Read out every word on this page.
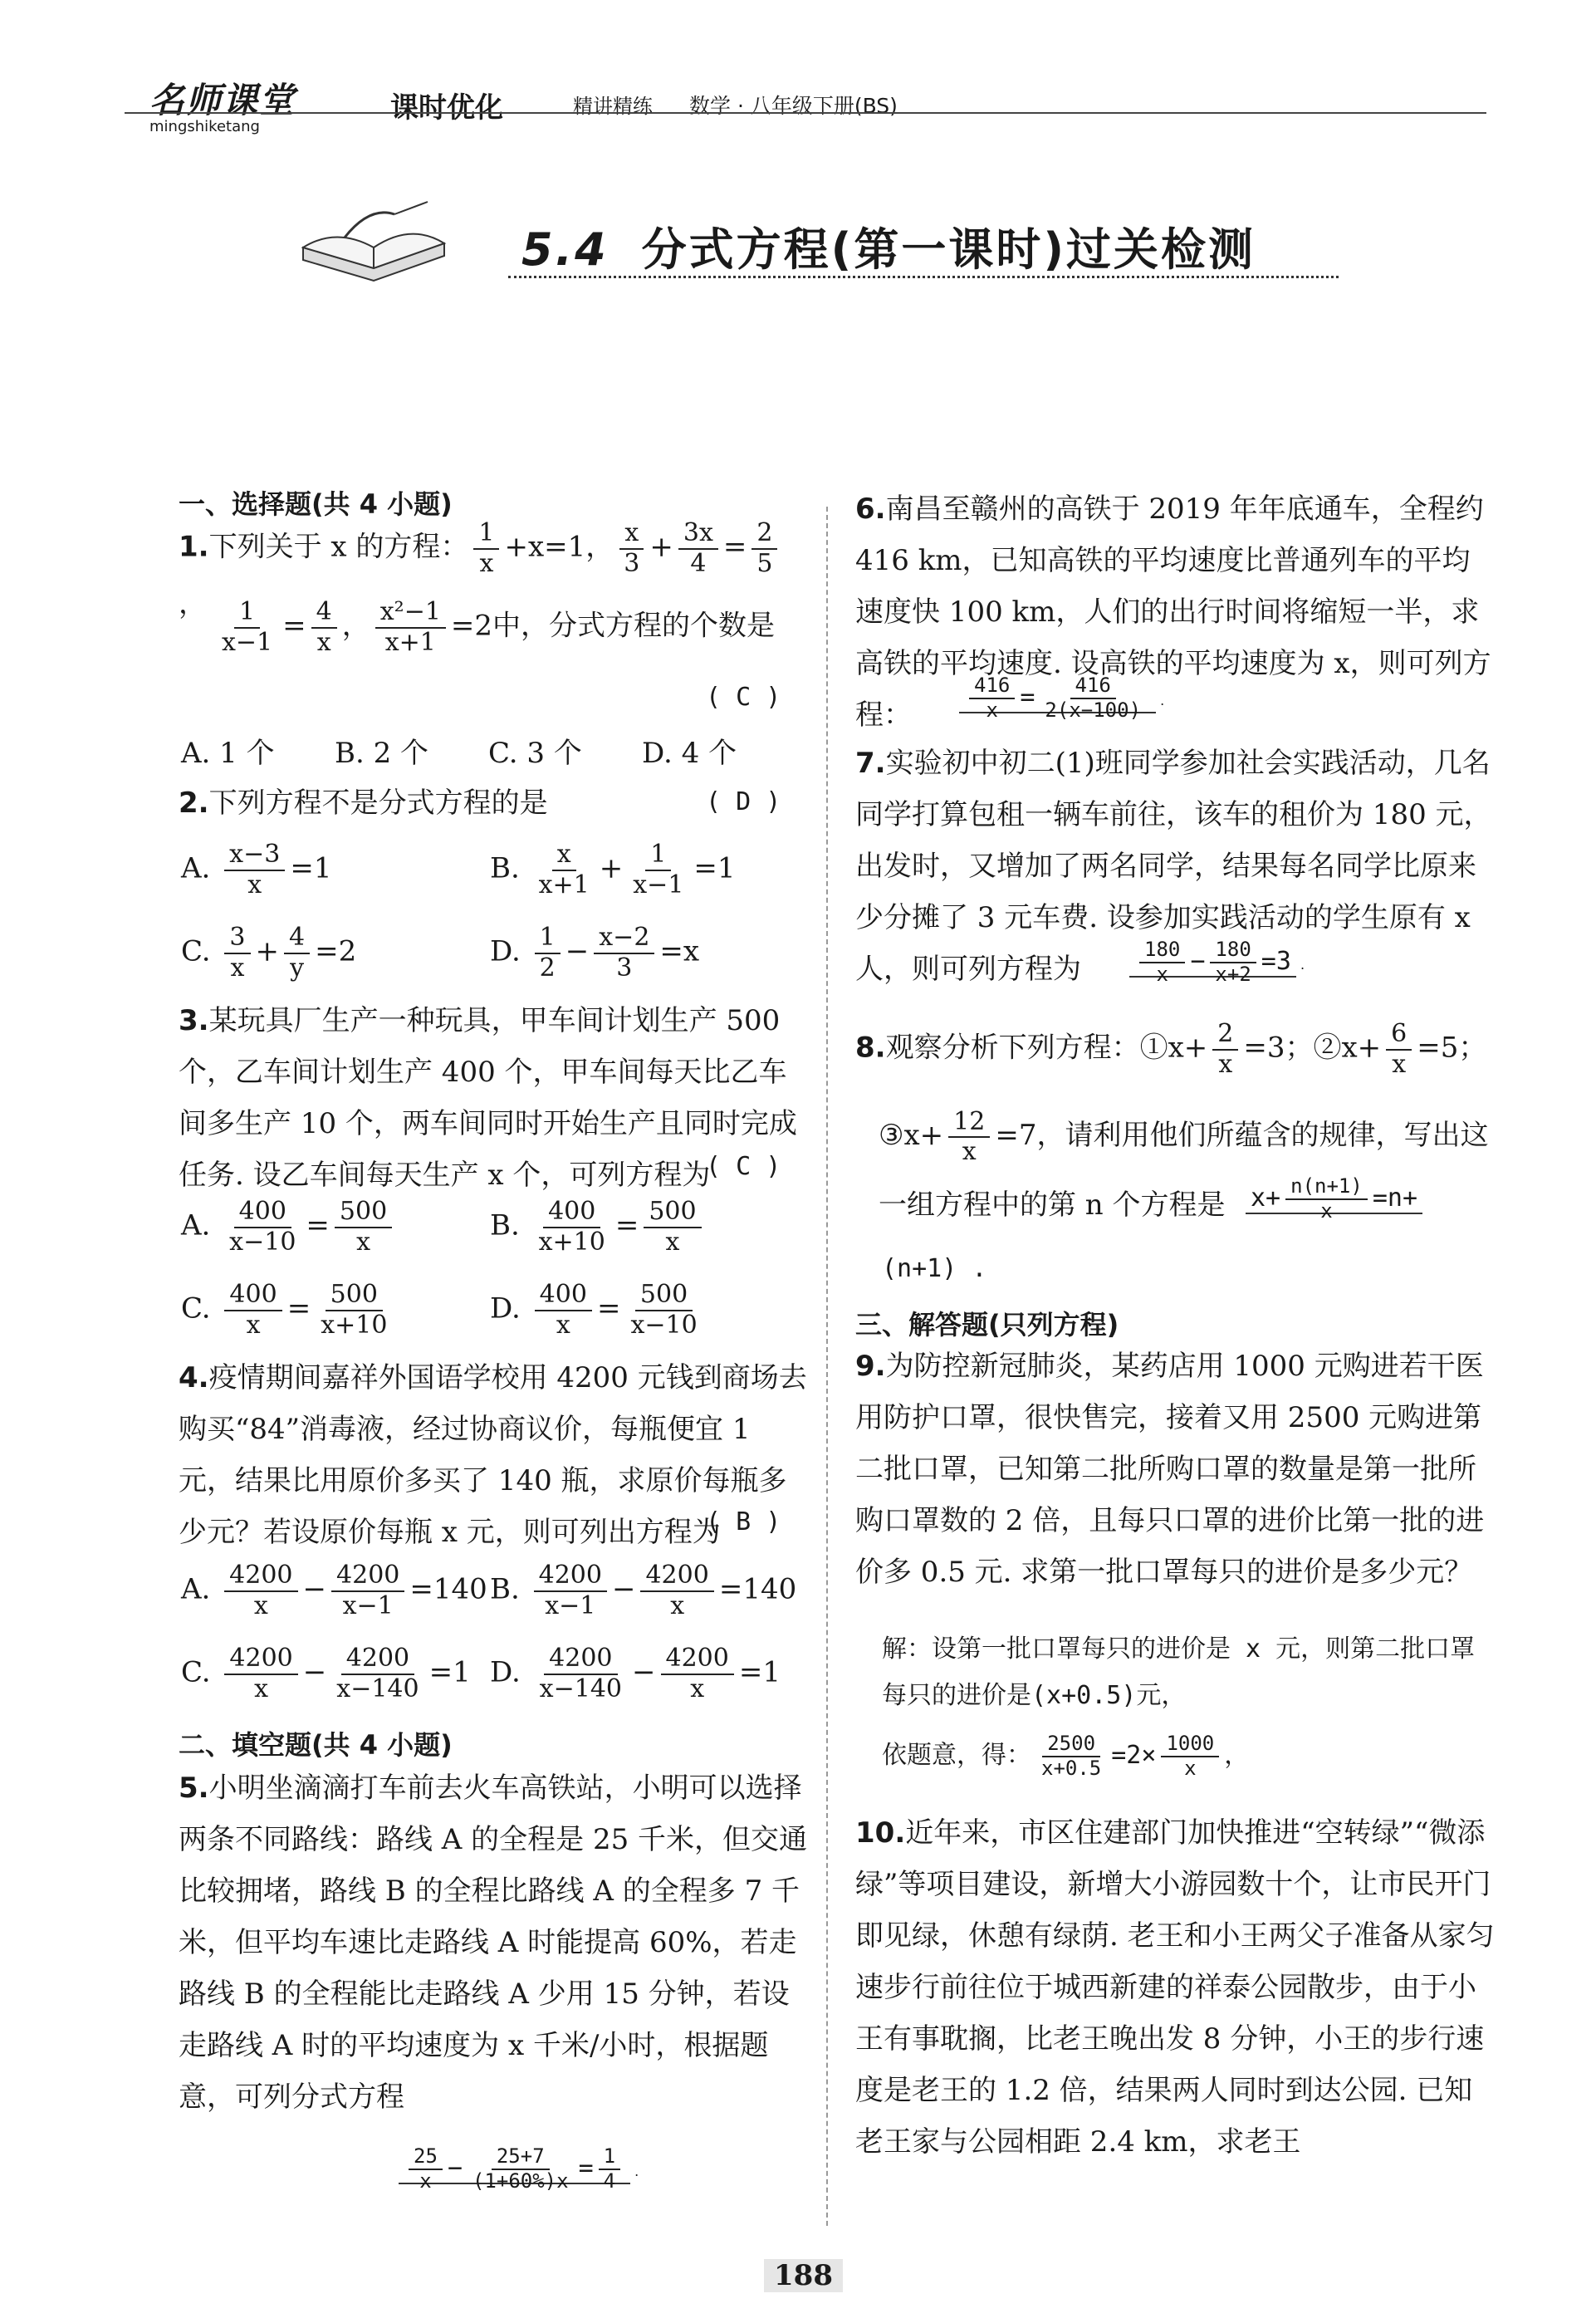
名师课堂
mingshiketang
课时优化	精讲精练 数学 · 八年级下册(BS)
5.4 分式方程(第一课时)过关检测
一、选择题(共 4 小题)
1.下列关于 x 的方程： $\frac{1}{x} +x=1$， $\frac{x}{3} + \frac{3x}{4} = \frac{2}{5}$
， $\frac{1}{x-1} = \frac{4}{x}$ ， $\frac{\text{x²−1}}{x+1} =2$中，分式方程的个数是
( C )
A. 1 个 B. 2 个 C. 3 个 D. 4 个
2.下列方程不是分式方程的是	( D )
A. $\frac{x-3}{x} =1$	B. $\frac{x}{x+1} + \frac{1}{x-1} =1$
C. $\frac{3}{x} + \frac{4}{y} =2$	D. $\frac{1}{2} - \frac{x-2}{3} =x$
3.某玩具厂生产一种玩具，甲车间计划生产 500 个，乙车间计划生产 400 个，甲车间每天比乙车间多生产 10 个，两车间同时开始生产且同时完成任务. 设乙车间每天生产 x 个，可列方程为
( C )
A. $\frac{400}{x-10} = \frac{500}{x}$	B. $\frac{400}{x+10} = \frac{500}{x}$
C. $\frac{400}{x} = \frac{500}{x+10}$	D. $\frac{400}{x} = \frac{500}{x-10}$
4.疫情期间嘉祥外国语学校用 4200 元钱到商场去购买“84”消毒液，经过协商议价，每瓶便宜 1 元，结果比用原价多买了 140 瓶，求原价每瓶多少元？若设原价每瓶 x 元，则可列出方程为
( B )
A. $\frac{4200}{x} - \frac{4200}{x-1} =140$ B. $\frac{4200}{x-1} - \frac{4200}{x} =140$
C. $\frac{4200}{x} - \frac{4200}{x-140} =1$ D. $\frac{4200}{x-140} - \frac{4200}{x} =1$
二、填空题(共 4 小题)
5.小明坐滴滴打车前去火车高铁站，小明可以选择两条不同路线：路线 A 的全程是 25 千米，但交通比较拥堵，路线 B 的全程比路线 A 的全程多 7 千米，但平均车速比走路线 A 时能提高 60%，若走路线 B 的全程能比走路线 A 少用 15 分钟，若设走路线 A 时的平均速度为 x 千米/小时，根据题意，可列分式方程
$\frac{25}{x} - \frac{25+7}{(1+60\%)x} = \frac{1}{4}$ .
6.南昌至赣州的高铁于 2019 年年底通车，全程约 416 km，已知高铁的平均速度比普通列车的平均速度快 100 km，人们的出行时间将缩短一半，求高铁的平均速度. 设高铁的平均速度为 x，则可列方程：	$\frac{416}{x} = \frac{416}{2(x-100)}$ .
7.实验初中初二(1)班同学参加社会实践活动，几名同学打算包租一辆车前往，该车的租价为 180 元，出发时，又增加了两名同学，结果每名同学比原来少分摊了 3 元车费. 设参加实践活动的学生原有 x 人，则可列方程为	$\frac{180}{x} - \frac{180}{x+2} =3$ .
8.观察分析下列方程：①x+ $\frac{2}{x} =3$；②x+ $\frac{6}{x} =5$；
③x+ $\frac{12}{x} =7$，请利用他们所蕴含的规律，写出这一组方程中的第 n 个方程是	$x+ \frac{n(n+1)}{x} =n+$
(n+1) .
三、解答题(只列方程)
9.为防控新冠肺炎，某药店用 1000 元购进若干医用防护口罩，很快售完，接着又用 2500 元购进第二批口罩，已知第二批所购口罩的数量是第一批所购口罩数的 2 倍，且每只口罩的进价比第一批的进价多 0.5 元. 求第一批口罩每只的进价是多少元？
解：设第一批口罩每只的进价是 x 元，则第二批口罩每只的进价是(x+0.5)元，
依题意，得： $\frac{2500}{x+0.5} =2\times \frac{1000}{x}$ ，
10.近年来，市区住建部门加快推进“空转绿”“微添绿”等项目建设，新增大小游园数十个，让市民开门即见绿，休憩有绿荫. 老王和小王两父子准备从家匀速步行前往位于城西新建的祥泰公园散步，由于小王有事耽搁，比老王晚出发 8 分钟，小王的步行速度是老王的 1.2 倍，结果两人同时到达公园. 已知老王家与公园相距 2.4 km，求老王
188
